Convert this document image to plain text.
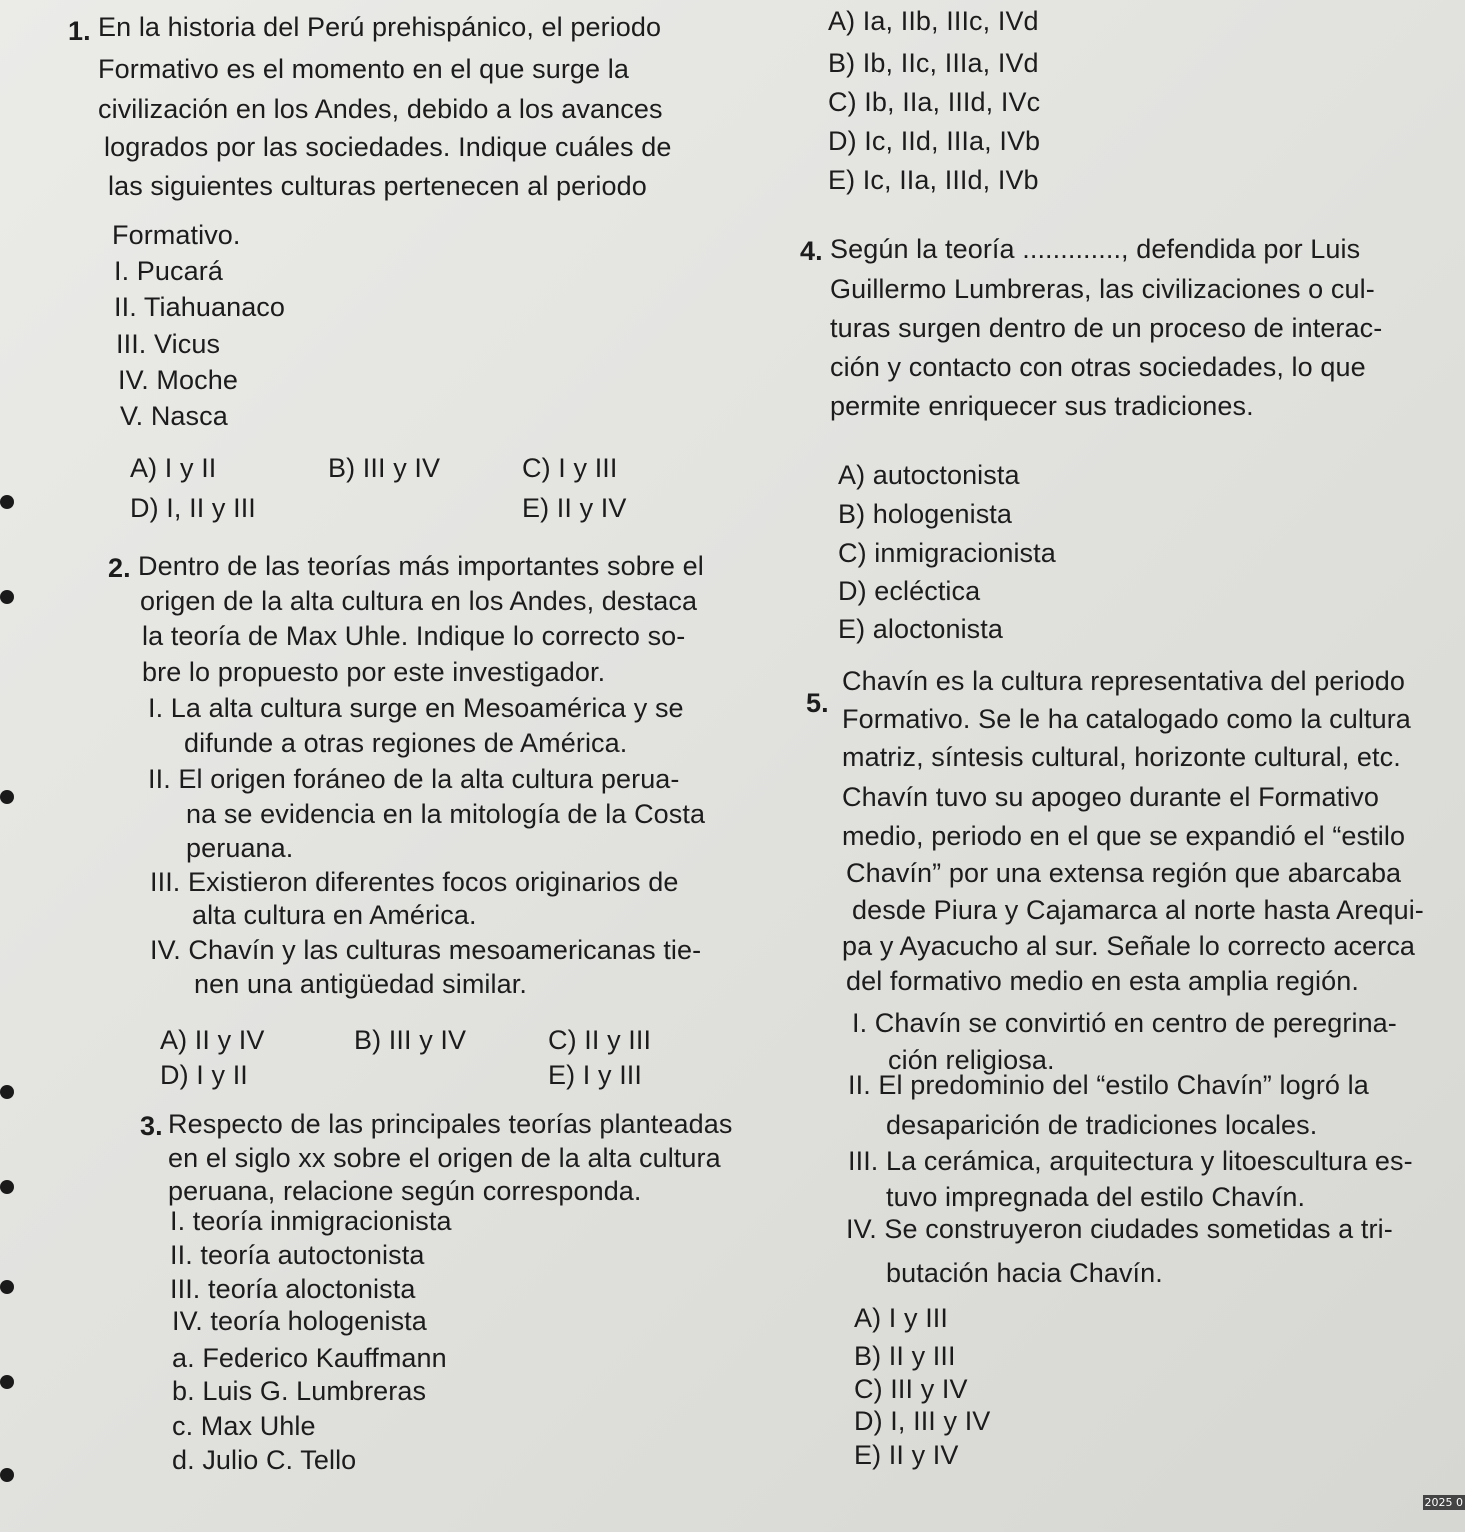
1. En la historia del Perú prehispánico, el periodo
Formativo es el momento en el que surge la
civilización en los Andes, debido a los avances
logrados por las sociedades. Indique cuáles de
las siguientes culturas pertenecen al periodo
Formativo.
I. Pucará
II. Tiahuanaco
III. Vicus
IV. Moche
V. Nasca
A) I y II	B) III y IV	C) I y III
D) I, II y III	E) II y IV
2. Dentro de las teorías más importantes sobre el
origen de la alta cultura en los Andes, destaca
la teoría de Max Uhle. Indique lo correcto so-
bre lo propuesto por este investigador.
I. La alta cultura surge en Mesoamérica y se
difunde a otras regiones de América.
II. El origen foráneo de la alta cultura perua-
na se evidencia en la mitología de la Costa
peruana.
III. Existieron diferentes focos originarios de
alta cultura en América.
IV. Chavín y las culturas mesoamericanas tie-
nen una antigüedad similar.
A) II y IV	B) III y IV	C) II y III
D) I y II	E) I y III
3. Respecto de las principales teorías planteadas
en el siglo xx sobre el origen de la alta cultura
peruana, relacione según corresponda.
I. teoría inmigracionista
II. teoría autoctonista
III. teoría aloctonista
IV. teoría hologenista
a. Federico Kauffmann
b. Luis G. Lumbreras
c. Max Uhle
d. Julio C. Tello
A) Ia, IIb, IIIc, IVd
B) Ib, IIc, IIIa, IVd
C) Ib, IIa, IIId, IVc
D) Ic, IId, IIIa, IVb
E) Ic, IIa, IIId, IVb
4. Según la teoría ............., defendida por Luis
Guillermo Lumbreras, las civilizaciones o cul-
turas surgen dentro de un proceso de interac-
ción y contacto con otras sociedades, lo que
permite enriquecer sus tradiciones.
A) autoctonista
B) hologenista
C) inmigracionista
D) ecléctica
E) aloctonista
5.
Chavín es la cultura representativa del periodo
Formativo. Se le ha catalogado como la cultura
matriz, síntesis cultural, horizonte cultural, etc.
Chavín tuvo su apogeo durante el Formativo
medio, periodo en el que se expandió el “estilo
Chavín” por una extensa región que abarcaba
desde Piura y Cajamarca al norte hasta Arequi-
pa y Ayacucho al sur. Señale lo correcto acerca
del formativo medio en esta amplia región.
I. Chavín se convirtió en centro de peregrina-
ción religiosa.
II. El predominio del “estilo Chavín” logró la
desaparición de tradiciones locales.
III. La cerámica, arquitectura y litoescultura es-
tuvo impregnada del estilo Chavín.
IV. Se construyeron ciudades sometidas a tri-
butación hacia Chavín.
A) I y III
B) II y III
C) III y IV
D) I, III y IV
E) II y IV
2025 0
